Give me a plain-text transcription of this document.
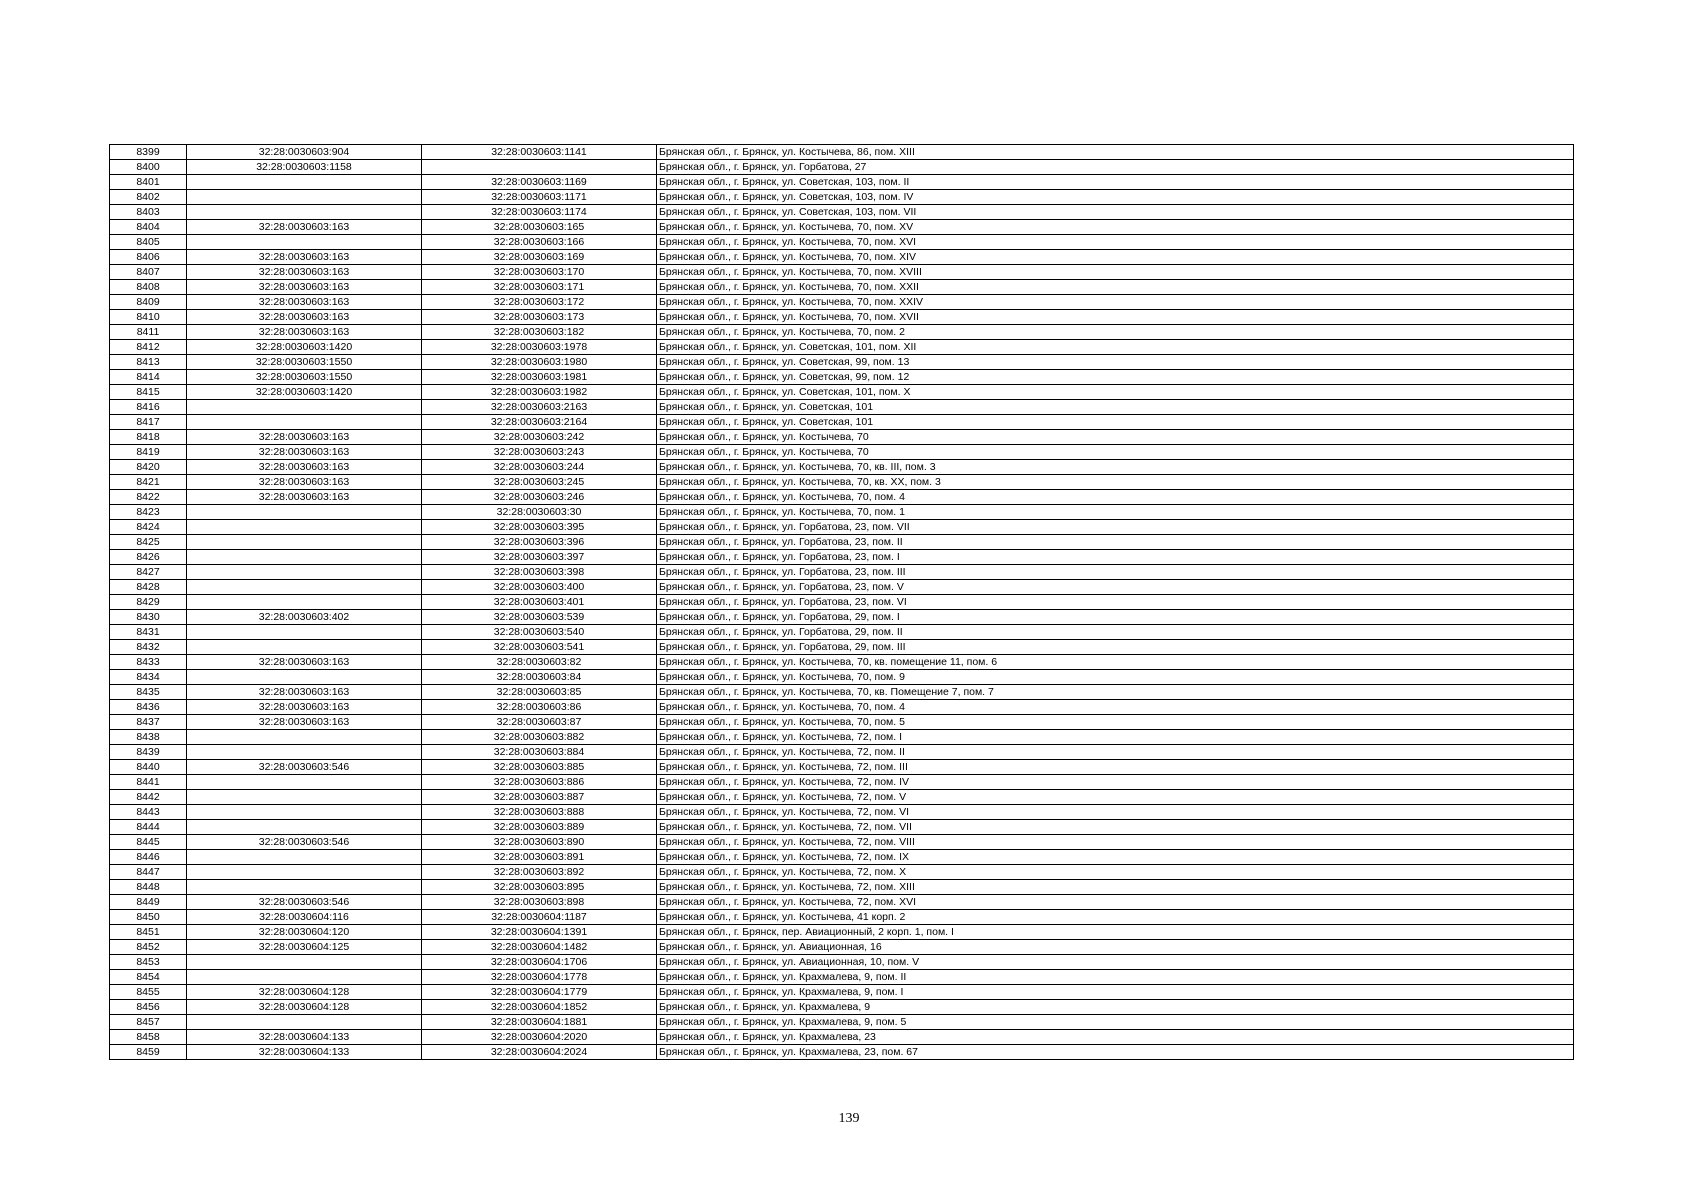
8399	32:28:0030603:904	32:28:0030603:1141	Брянская обл., г. Брянск, ул. Костычева, 86, пом. XIII
8400	32:28:0030603:1158		Брянская обл., г. Брянск, ул. Горбатова, 27
8401		32:28:0030603:1169	Брянская обл., г. Брянск, ул. Советская, 103, пом. II
8402		32:28:0030603:1171	Брянская обл., г. Брянск, ул. Советская, 103, пом. IV
8403		32:28:0030603:1174	Брянская обл., г. Брянск, ул. Советская, 103, пом. VII
8404	32:28:0030603:163	32:28:0030603:165	Брянская обл., г. Брянск, ул. Костычева, 70, пом. XV
8405		32:28:0030603:166	Брянская обл., г. Брянск, ул. Костычева, 70, пом. XVI
8406	32:28:0030603:163	32:28:0030603:169	Брянская обл., г. Брянск, ул. Костычева, 70, пом. XIV
8407	32:28:0030603:163	32:28:0030603:170	Брянская обл., г. Брянск, ул. Костычева, 70, пом. XVIII
8408	32:28:0030603:163	32:28:0030603:171	Брянская обл., г. Брянск, ул. Костычева, 70, пом. XXII
8409	32:28:0030603:163	32:28:0030603:172	Брянская обл., г. Брянск, ул. Костычева, 70, пом. XXIV
8410	32:28:0030603:163	32:28:0030603:173	Брянская обл., г. Брянск, ул. Костычева, 70, пом. XVII
8411	32:28:0030603:163	32:28:0030603:182	Брянская обл., г. Брянск, ул. Костычева, 70, пом. 2
8412	32:28:0030603:1420	32:28:0030603:1978	Брянская обл., г. Брянск, ул. Советская, 101, пом. XII
8413	32:28:0030603:1550	32:28:0030603:1980	Брянская обл., г. Брянск, ул. Советская, 99, пом. 13
8414	32:28:0030603:1550	32:28:0030603:1981	Брянская обл., г. Брянск, ул. Советская, 99, пом. 12
8415	32:28:0030603:1420	32:28:0030603:1982	Брянская обл., г. Брянск, ул. Советская, 101, пом. X
8416		32:28:0030603:2163	Брянская обл., г. Брянск, ул. Советская, 101
8417		32:28:0030603:2164	Брянская обл., г. Брянск, ул. Советская, 101
8418	32:28:0030603:163	32:28:0030603:242	Брянская обл., г. Брянск, ул. Костычева, 70
8419	32:28:0030603:163	32:28:0030603:243	Брянская обл., г. Брянск, ул. Костычева, 70
8420	32:28:0030603:163	32:28:0030603:244	Брянская обл., г. Брянск, ул. Костычева, 70, кв. III, пом. 3
8421	32:28:0030603:163	32:28:0030603:245	Брянская обл., г. Брянск, ул. Костычева, 70, кв. XX, пом. 3
8422	32:28:0030603:163	32:28:0030603:246	Брянская обл., г. Брянск, ул. Костычева, 70, пом. 4
8423		32:28:0030603:30	Брянская обл., г. Брянск, ул. Костычева, 70, пом. 1
8424		32:28:0030603:395	Брянская обл., г. Брянск, ул. Горбатова, 23, пом. VII
8425		32:28:0030603:396	Брянская обл., г. Брянск, ул. Горбатова, 23, пом. II
8426		32:28:0030603:397	Брянская обл., г. Брянск, ул. Горбатова, 23, пом. I
8427		32:28:0030603:398	Брянская обл., г. Брянск, ул. Горбатова, 23, пом. III
8428		32:28:0030603:400	Брянская обл., г. Брянск, ул. Горбатова, 23, пом. V
8429		32:28:0030603:401	Брянская обл., г. Брянск, ул. Горбатова, 23, пом. VI
8430	32:28:0030603:402	32:28:0030603:539	Брянская обл., г. Брянск, ул. Горбатова, 29, пом. I
8431		32:28:0030603:540	Брянская обл., г. Брянск, ул. Горбатова, 29, пом. II
8432		32:28:0030603:541	Брянская обл., г. Брянск, ул. Горбатова, 29, пом. III
8433	32:28:0030603:163	32:28:0030603:82	Брянская обл., г. Брянск, ул. Костычева, 70, кв. помещение 11, пом. 6
8434		32:28:0030603:84	Брянская обл., г. Брянск, ул. Костычева, 70, пом. 9
8435	32:28:0030603:163	32:28:0030603:85	Брянская обл., г. Брянск, ул. Костычева, 70, кв. Помещение 7, пом. 7
8436	32:28:0030603:163	32:28:0030603:86	Брянская обл., г. Брянск, ул. Костычева, 70, пом. 4
8437	32:28:0030603:163	32:28:0030603:87	Брянская обл., г. Брянск, ул. Костычева, 70, пом. 5
8438		32:28:0030603:882	Брянская обл., г. Брянск, ул. Костычева, 72, пом. I
8439		32:28:0030603:884	Брянская обл., г. Брянск, ул. Костычева, 72, пом. II
8440	32:28:0030603:546	32:28:0030603:885	Брянская обл., г. Брянск, ул. Костычева, 72, пом. III
8441		32:28:0030603:886	Брянская обл., г. Брянск, ул. Костычева, 72, пом. IV
8442		32:28:0030603:887	Брянская обл., г. Брянск, ул. Костычева, 72, пом. V
8443		32:28:0030603:888	Брянская обл., г. Брянск, ул. Костычева, 72, пом. VI
8444		32:28:0030603:889	Брянская обл., г. Брянск, ул. Костычева, 72, пом. VII
8445	32:28:0030603:546	32:28:0030603:890	Брянская обл., г. Брянск, ул. Костычева, 72, пом. VIII
8446		32:28:0030603:891	Брянская обл., г. Брянск, ул. Костычева, 72, пом. IX
8447		32:28:0030603:892	Брянская обл., г. Брянск, ул. Костычева, 72, пом. X
8448		32:28:0030603:895	Брянская обл., г. Брянск, ул. Костычева, 72, пом. XIII
8449	32:28:0030603:546	32:28:0030603:898	Брянская обл., г. Брянск, ул. Костычева, 72, пом. XVI
8450	32:28:0030604:116	32:28:0030604:1187	Брянская обл., г. Брянск, ул. Костычева, 41 корп. 2
8451	32:28:0030604:120	32:28:0030604:1391	Брянская обл., г. Брянск, пер. Авиационный, 2 корп. 1, пом. I
8452	32:28:0030604:125	32:28:0030604:1482	Брянская обл., г. Брянск, ул. Авиационная, 16
8453		32:28:0030604:1706	Брянская обл., г. Брянск, ул. Авиационная, 10, пом. V
8454		32:28:0030604:1778	Брянская обл., г. Брянск, ул. Крахмалева, 9, пом. II
8455	32:28:0030604:128	32:28:0030604:1779	Брянская обл., г. Брянск, ул. Крахмалева, 9, пом. I
8456	32:28:0030604:128	32:28:0030604:1852	Брянская обл., г. Брянск, ул. Крахмалева, 9
8457		32:28:0030604:1881	Брянская обл., г. Брянск, ул. Крахмалева, 9, пом. 5
8458	32:28:0030604:133	32:28:0030604:2020	Брянская обл., г. Брянск, ул. Крахмалева, 23
8459	32:28:0030604:133	32:28:0030604:2024	Брянская обл., г. Брянск, ул. Крахмалева, 23, пом. 67
139
